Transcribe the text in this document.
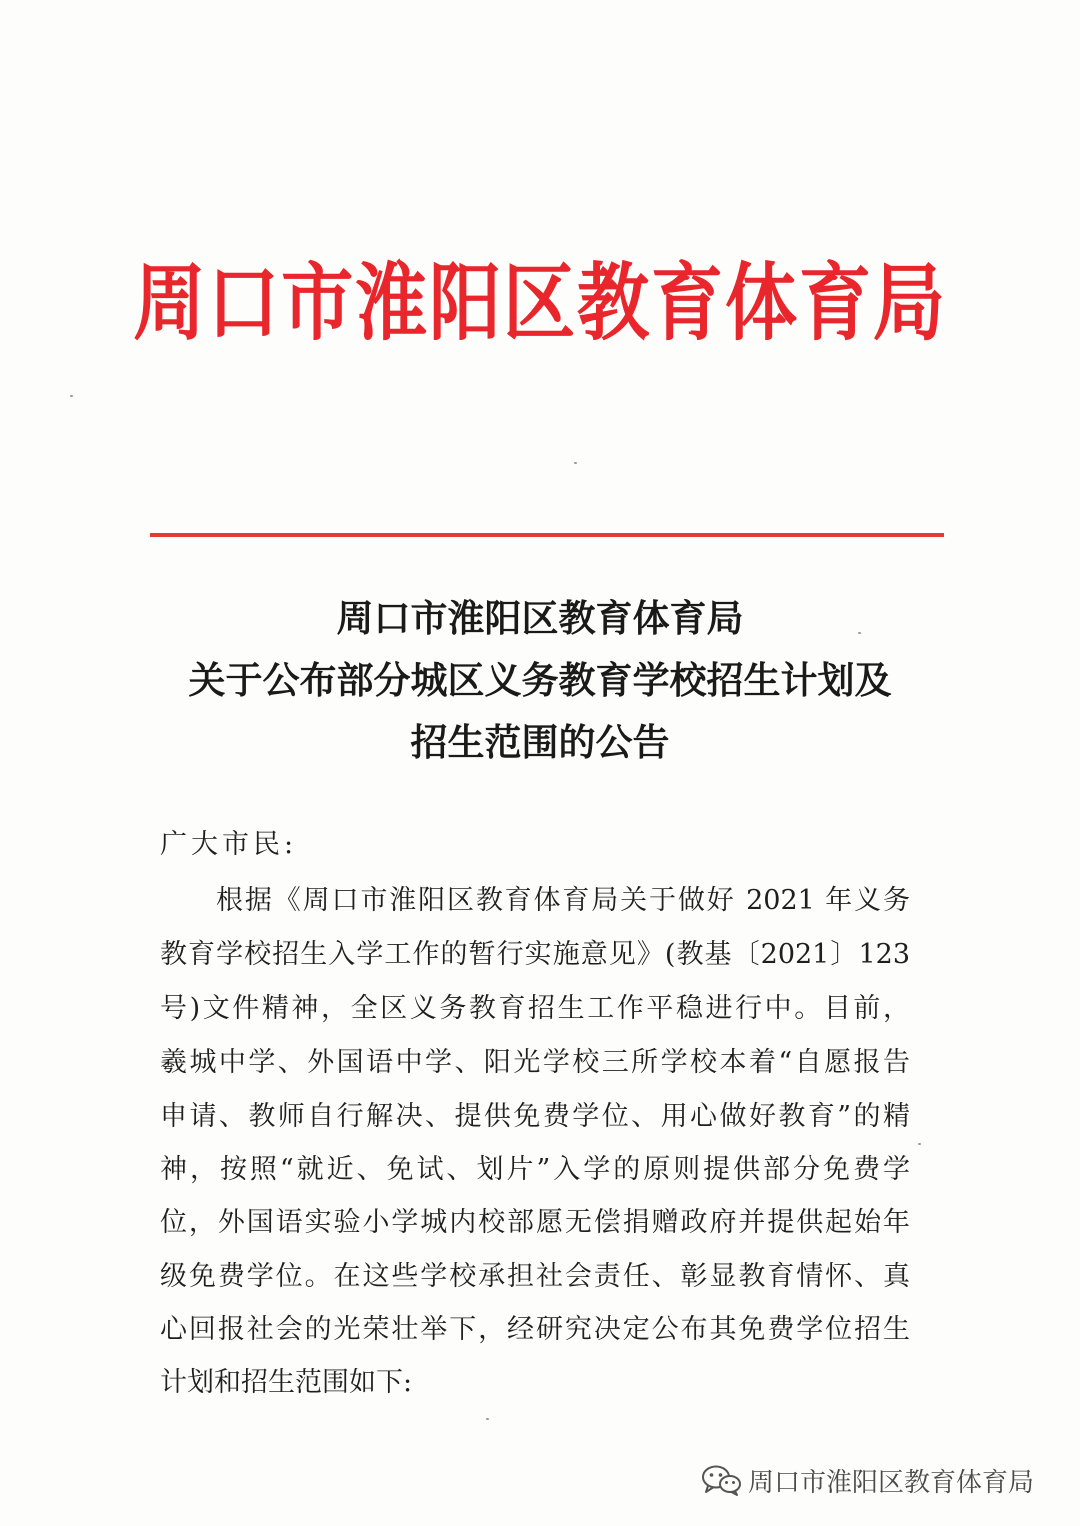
周口市淮阳区教育体育局
周口市淮阳区教育体育局
关于公布部分城区义务教育学校招生计划及
招生范围的公告
广大市民:
根据《周口市淮阳区教育体育局关于做好 2021 年义务
教育学校招生入学工作的暂行实施意见》(教基〔2021〕123
号)文件精神，全区义务教育招生工作平稳进行中。目前，
羲城中学、外国语中学、阳光学校三所学校本着“自愿报告
申请、教师自行解决、提供免费学位、用心做好教育”的精
神，按照“就近、免试、划片”入学的原则提供部分免费学
位，外国语实验小学城内校部愿无偿捐赠政府并提供起始年
级免费学位。在这些学校承担社会责任、彰显教育情怀、真
心回报社会的光荣壮举下，经研究决定公布其免费学位招生
计划和招生范围如下:
周口市淮阳区教育体育局
